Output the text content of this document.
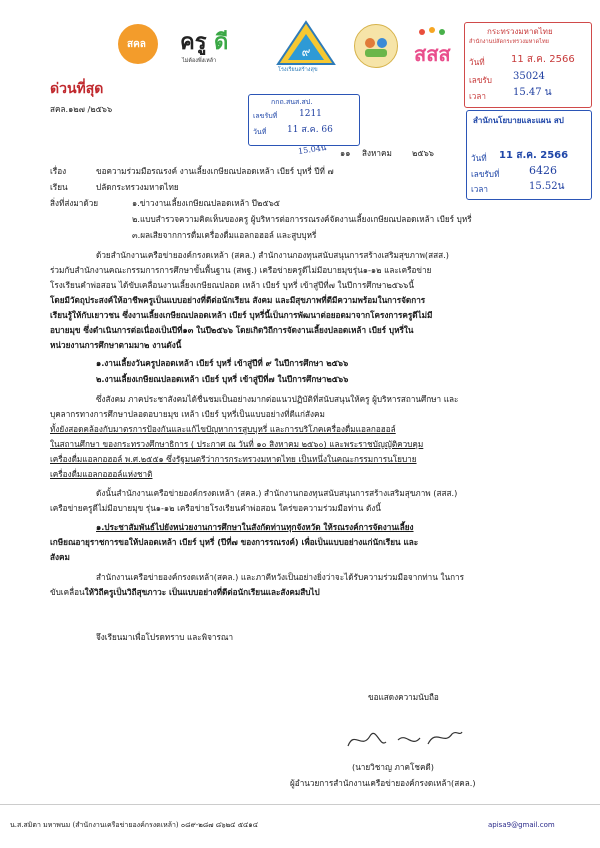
สคล ครู ดี
ไม่ต้องพึ่งเหล้า
๙
โรงเรียนสร้างสุข
สสส
กระทรวงมหาดไทย
สำนักงานปลัดกระทรวงมหาดไทย
วันที่	11 ส.ค. 2566
เลขรับ 35024
เวลา	15.47 น
ด่วนที่สุด
สคล.๑๒๗ /๒๕๖๖
กกถ.สนส.สป.
เลขรับที่ 1211
วันที่ 11 ส.ค. 66
15.04น ๑๑ สิงหาคม ๒๕๖๖
สำนักนโยบายและแผน สป
วันที่ 11 ส.ค. 2566
เลขรับที่	6426
เวลา	15.52น
เรื่อง	ขอความร่วมมือรณรงค์ งานเลี้ยงเกษียณปลอดเหล้า เบียร์ บุหรี่ ปีที่ ๗
เรียน	ปลัดกระทรวงมหาดไทย
สิ่งที่ส่งมาด้วย	๑.ข่าวงานเลี้ยงเกษียณปลอดเหล้า ปี๒๕๖๕
๒.แบบสำรวจความคิดเห็นของครู ผู้บริหารต่อการรณรงค์จัดงานเลี้ยงเกษียณปลอดเหล้า เบียร์ บุหรี่
๓.ผลเสียจากการดื่มเครื่องดื่มแอลกอฮอล์ และสูบบุหรี่
ด้วยสำนักงานเครือข่ายองค์กรงดเหล้า (สคล.) สำนักงานกองทุนสนับสนุนการสร้างเสริมสุขภาพ(สสส.)
ร่วมกับสำนักงานคณะกรรมการการศึกษาขั้นพื้นฐาน (สพฐ.) เครือข่ายครูดีไม่มีอบายมุขรุ่น๑-๑๒ และเครือข่าย
โรงเรียนคำพ่อสอน ได้ขับเคลื่อนงานเลี้ยงเกษียณปลอด เหล้า เบียร์ บุหรี่ เข้าสู่ปีที่๗ ในปีการศึกษา๒๕๖๖นี้
โดยมีวัตถุประสงค์ให้อาชีพครูเป็นแบบอย่างที่ดีต่อนักเรียน สังคม และมีสุขภาพที่ดีมีความพร้อมในการจัดการ
เรียนรู้ให้กับเยาวชน ซึ่งงานเลี้ยงเกษียณปลอดเหล้า เบียร์ บุหรี่นี้เป็นการพัฒนาต่อยอดมาจากโครงการครูดีไม่มี
อบายมุข ซึ่งดำเนินการต่อเนื่องเป็นปีที่๑๓ ในปี๒๕๖๖ โดยเกิดวิถีการจัดงานเลี้ยงปลอดเหล้า เบียร์ บุหรี่ใน
หน่วยงานการศึกษาตามมา๒ งานดังนี้
๑.งานเลี้ยงวันครูปลอดเหล้า เบียร์ บุหรี่ เข้าสู่ปีที่ ๙ ในปีการศึกษา ๒๕๖๖
๒.งานเลี้ยงเกษียณปลอดเหล้า เบียร์ บุหรี่ เข้าสู่ปีที่๗ ในปีการศึกษา๒๕๖๖
ซึ่งสังคม ภาคประชาสังคมได้ชื่นชมเป็นอย่างมากต่อแนวปฏิบัติที่สนับสนุนให้ครู ผู้บริหารสถานศึกษา และ
บุคลากรทางการศึกษาปลอดอบายมุข เหล้า เบียร์ บุหรี่เป็นแบบอย่างที่ดีแก่สังคม
ทั้งยังสอดคล้องกับมาตรการป้องกันและแก้ไขปัญหาการสูบบุหรี่ และการบริโภคเครื่องดื่มแอลกอฮอล์
ในสถานศึกษา ของกระทรวงศึกษาธิการ ( ประกาศ ณ วันที่ ๑๐ สิงหาคม ๒๕๖๐) และพระราชบัญญัติควบคุม
เครื่องดื่มแอลกอฮอล์ พ.ศ.๒๕๕๑ ซึ่งรัฐมนตรีว่าการกระทรวงมหาดไทย เป็นหนึ่งในคณะกรรมการนโยบาย
เครื่องดื่มแอลกอฮอล์แห่งชาติ
ดังนั้นสำนักงานเครือข่ายองค์กรงดเหล้า (สคล.) สำนักงานกองทุนสนับสนุนการสร้างเสริมสุขภาพ (สสส.)
เครือข่ายครูดีไม่มีอบายมุข รุ่น๑-๑๒ เครือข่ายโรงเรียนคำพ่อสอน ใคร่ขอความร่วมมือท่าน ดังนี้
๑.ประชาสัมพันธ์ไปยังหน่วยงานการศึกษาในสังกัดท่านทุกจังหวัด ให้รณรงค์การจัดงานเลี้ยง
เกษียณอายุราชการขอให้ปลอดเหล้า เบียร์ บุหรี่ (ปีที่๗ ของการรณรงค์) เพื่อเป็นแบบอย่างแก่นักเรียน และ
สังคม
สำนักงานเครือข่ายองค์กรงดเหล้า(สคล.) และภาคีหวังเป็นอย่างยิ่งว่าจะได้รับความร่วมมือจากท่าน ในการ
ขับเคลื่อนให้วิถีครูเป็นวิถีสุขภาวะ เป็นแบบอย่างที่ดีต่อนักเรียนและสังคมสืบไป
จึงเรียนมาเพื่อโปรดทราบ และพิจารณา
ขอแสดงความนับถือ
(นายวิชาญ ภาคโชคดี)
ผู้อำนวยการสำนักงานเครือข่ายองค์กรงดเหล้า(สคล.)
น.ส.สมิตา มหาพนม (สำนักงานเครือข่ายองค์กรงดเหล้า) ๐๘๙-๒๘๗ ๘๖๒๔ ๕๔๑๔	apisa9@gmail.com
